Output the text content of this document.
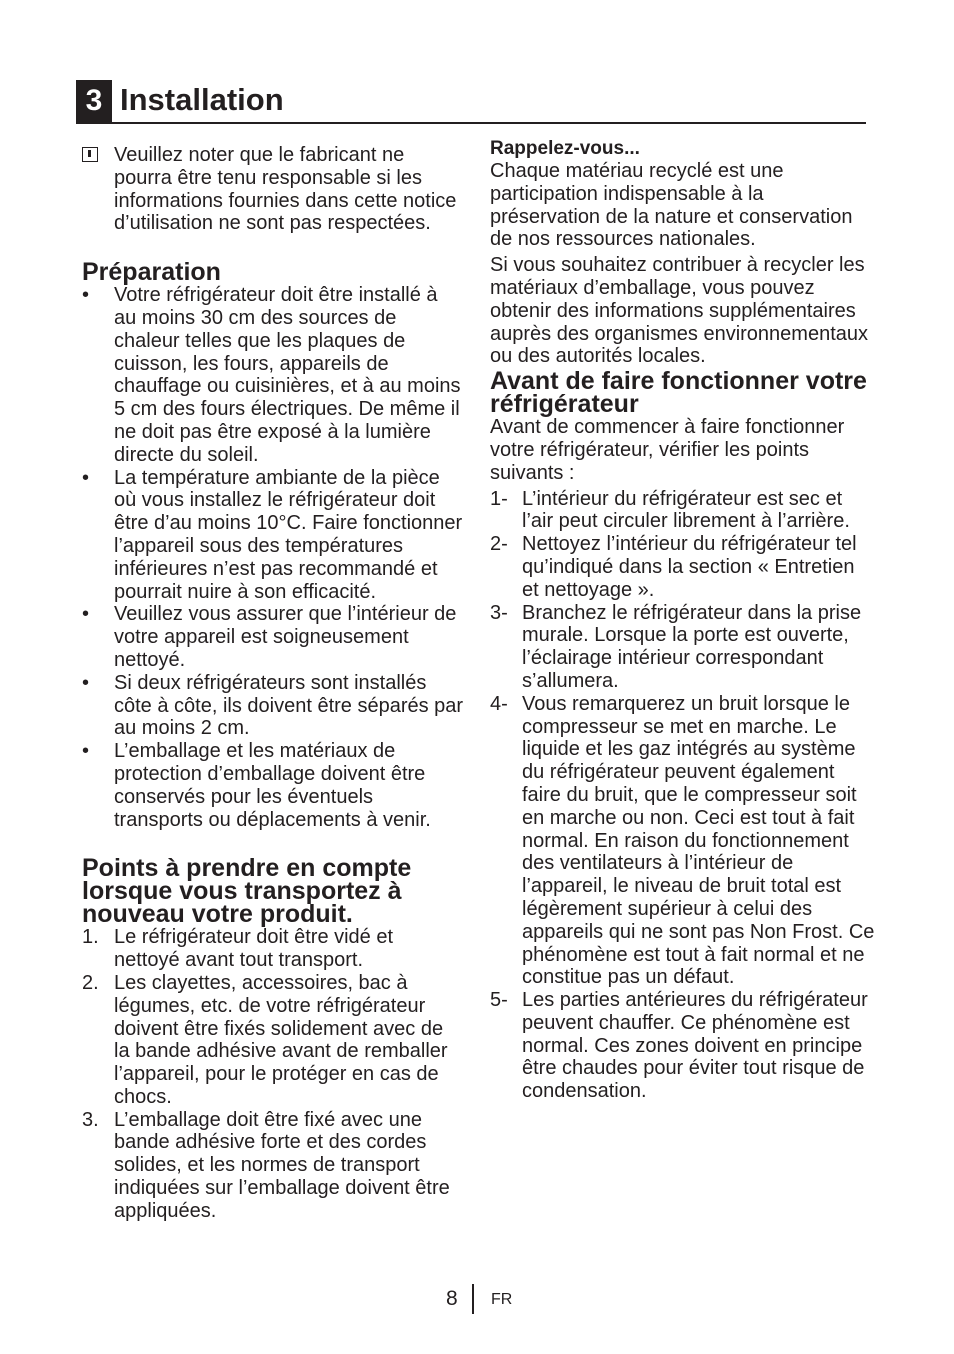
3 Installation

Veuillez noter que le fabricant ne pourra être tenu responsable si les informations fournies dans cette notice d’utilisation ne sont pas respectées.

Préparation
•	Votre réfrigérateur doit être installé à au moins 30 cm des sources de chaleur telles que les plaques de cuisson, les fours, appareils de chauffage ou cuisinières, et à au moins 5 cm des fours électriques. De même il ne doit pas être exposé à la lumière directe du soleil.
•	La température ambiante de la pièce où vous installez le réfrigérateur doit être d’au moins 10°C. Faire fonctionner l’appareil sous des températures inférieures n’est pas recommandé et pourrait nuire à son efficacité.
•	Veuillez vous assurer que l’intérieur de votre appareil est soigneusement nettoyé.
•	Si deux réfrigérateurs sont installés côte à côte, ils doivent être séparés par au moins 2 cm.
•	L’emballage et les matériaux de protection d’emballage doivent être conservés pour les éventuels transports ou déplacements à venir.
Points à prendre en compte lorsque vous transportez à nouveau votre produit.
1. Le réfrigérateur doit être vidé et nettoyé avant tout transport.
2. Les clayettes, accessoires, bac à légumes, etc. de votre réfrigérateur doivent être fixés solidement avec de la bande adhésive avant de remballer l’appareil, pour le protéger en cas de chocs.
3. L’emballage doit être fixé avec une bande adhésive forte et des cordes solides, et les normes de transport indiquées sur l’emballage doivent être appliquées.

Rappelez-vous...

Chaque matériau recyclé est une participation indispensable à la préservation de la nature et conservation de nos ressources nationales.

Si vous souhaitez contribuer à recycler les matériaux d’emballage, vous pouvez obtenir des informations supplémentaires auprès des organismes environnementaux ou des autorités locales.

Avant de faire fonctionner votre réfrigérateur

Avant de commencer à faire fonctionner votre réfrigérateur, vérifier les points suivants :

1- L’intérieur du réfrigérateur est sec et l’air peut circuler librement à l’arrière.
2- Nettoyez l’intérieur du réfrigérateur tel qu’indiqué dans la section « Entretien et nettoyage ».
3- Branchez le réfrigérateur dans la prise murale. Lorsque la porte est ouverte, l’éclairage intérieur correspondant s’allumera.
4- Vous remarquerez un bruit lorsque le compresseur se met en marche. Le liquide et les gaz intégrés au système du réfrigérateur peuvent également faire du bruit, que le compresseur soit en marche ou non. Ceci est tout à fait normal. En raison du fonctionnement des ventilateurs à l’intérieur de l’appareil, le niveau de bruit total est légèrement supérieur à celui des appareils qui ne sont pas Non Frost. Ce phénomène est tout à fait normal et ne constitue pas un défaut.
5- Les parties antérieures du réfrigérateur peuvent chauffer. Ce phénomène est normal. Ces zones doivent en principe être chaudes pour éviter tout risque de condensation.
8 FR
